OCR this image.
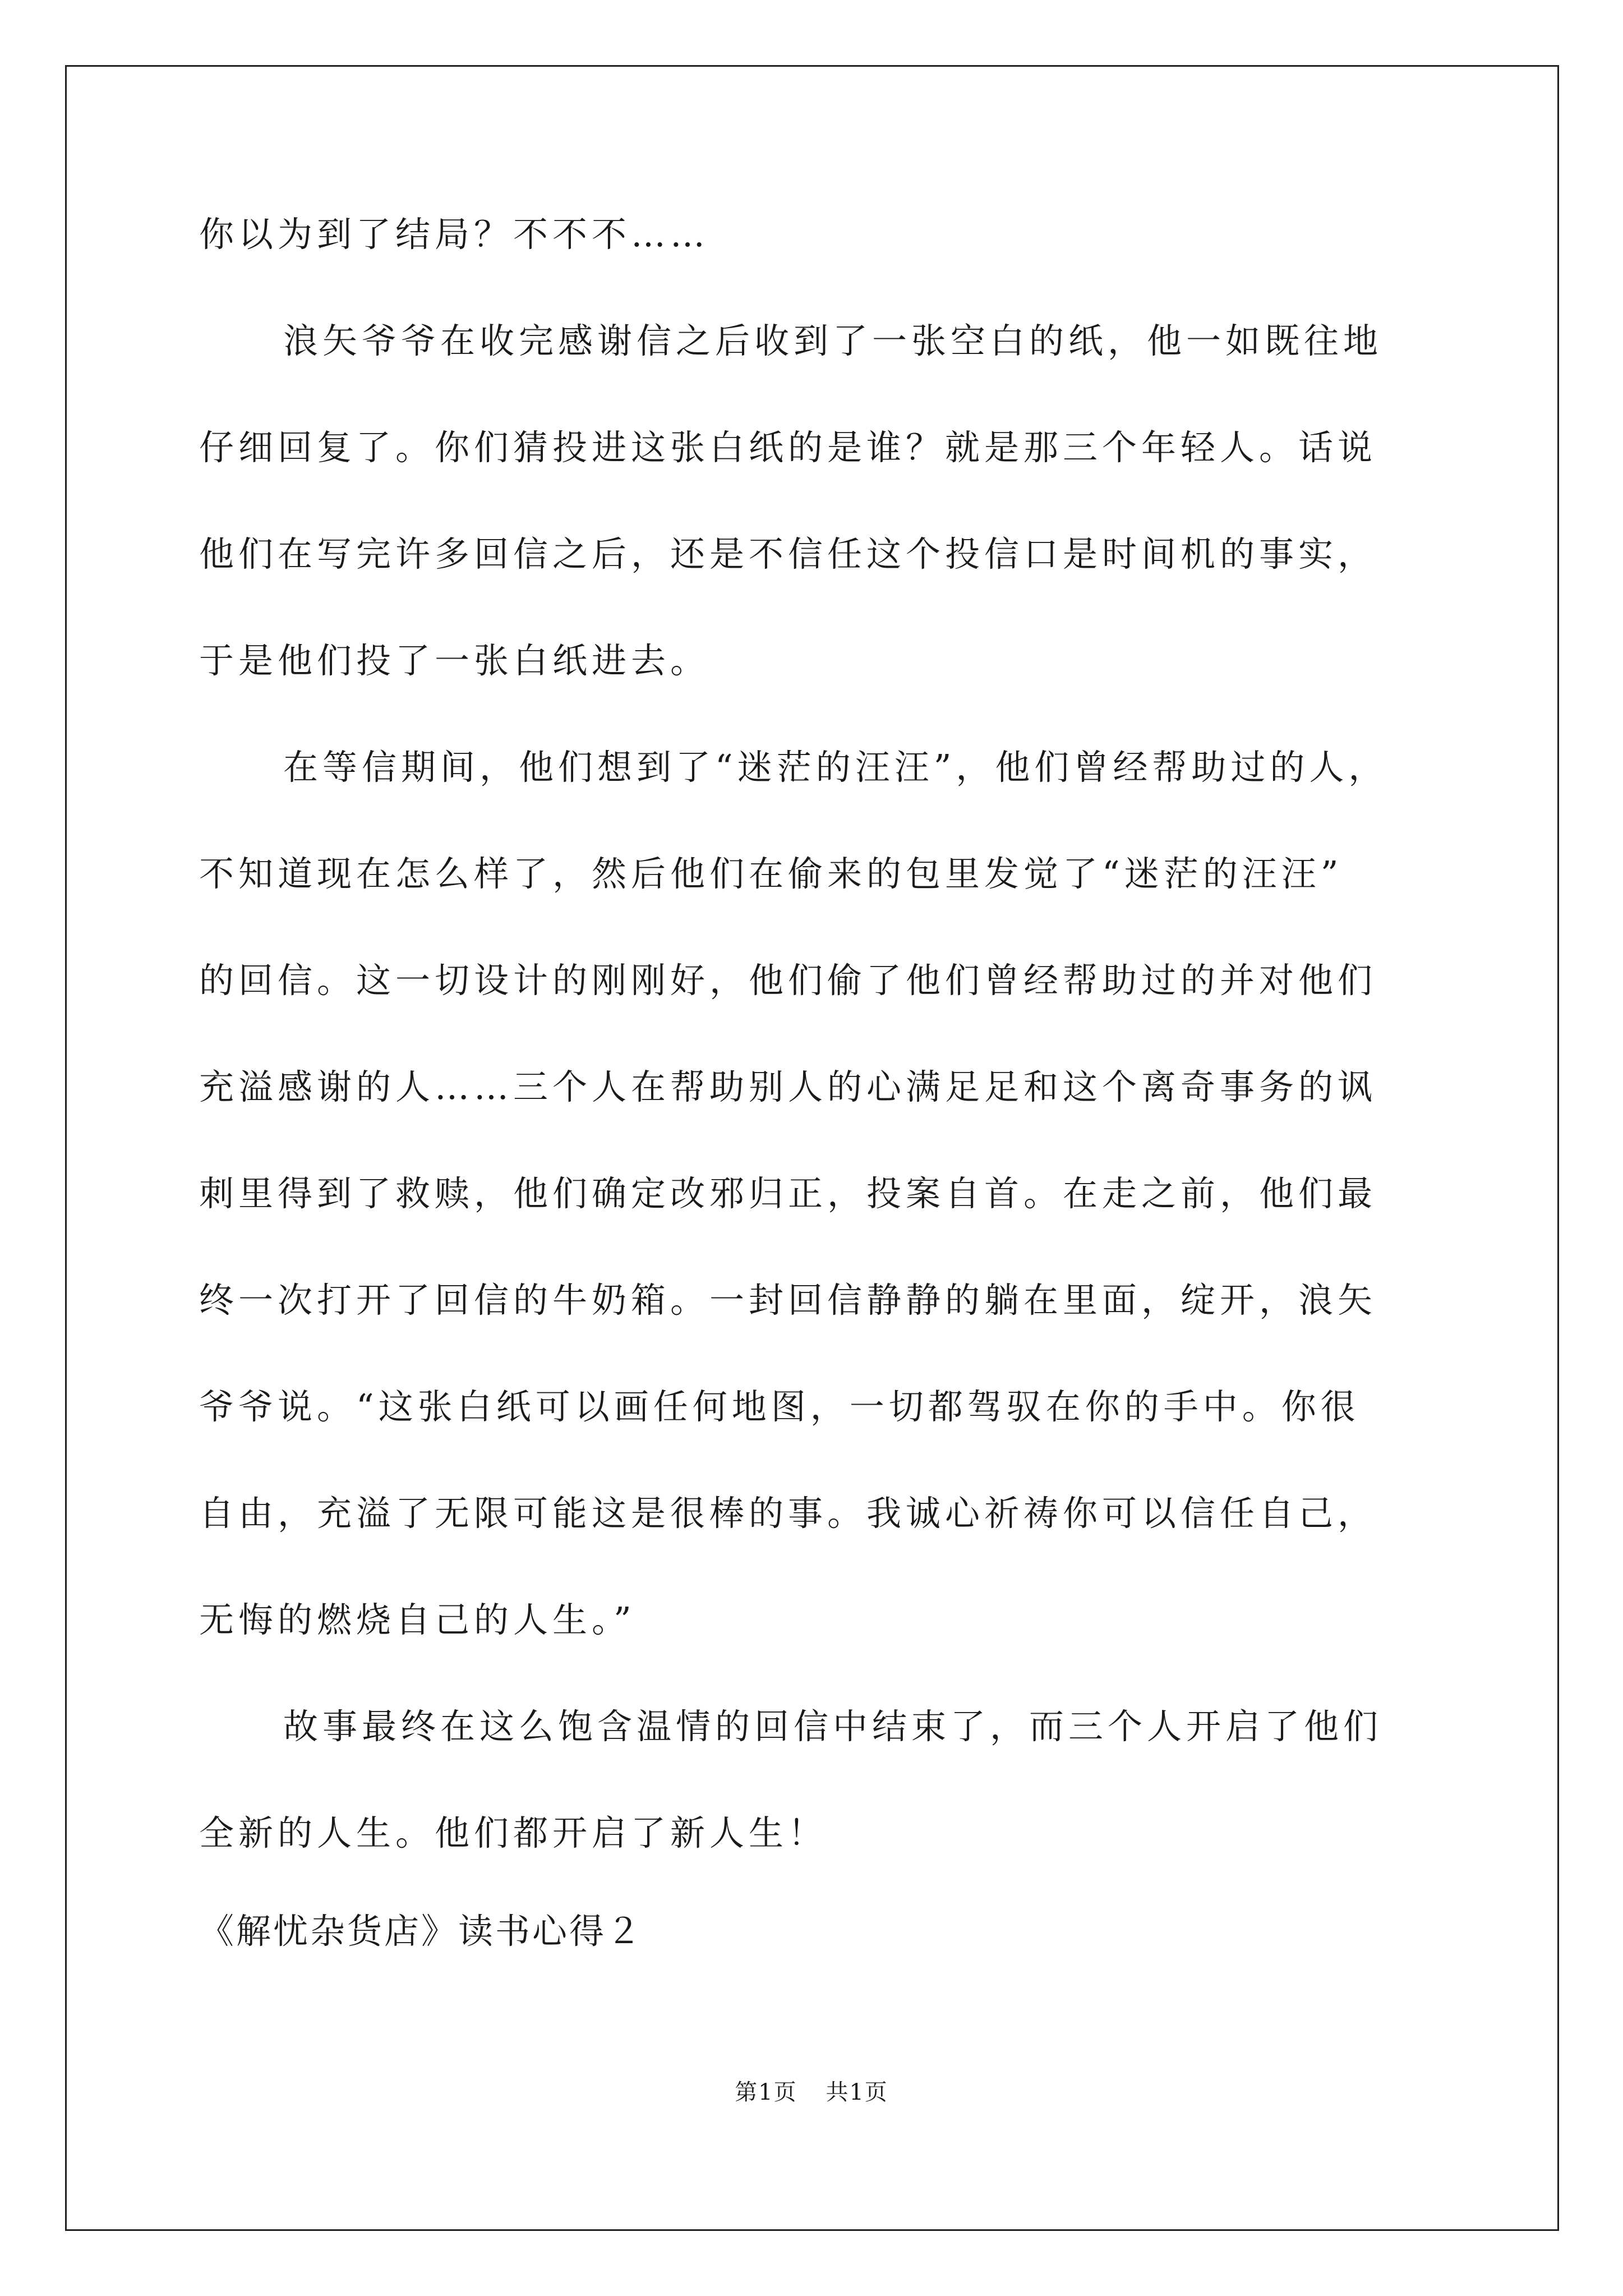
你以为到了结局？不不不……
浪矢爷爷在收完感谢信之后收到了一张空白的纸，他一如既往地
仔细回复了。你们猜投进这张白纸的是谁？就是那三个年轻人。话说
他们在写完许多回信之后，还是不信任这个投信口是时间机的事实，
于是他们投了一张白纸进去。
在等信期间，他们想到了“迷茫的汪汪”，他们曾经帮助过的人，
不知道现在怎么样了，然后他们在偷来的包里发觉了“迷茫的汪汪”
的回信。这一切设计的刚刚好，他们偷了他们曾经帮助过的并对他们
充溢感谢的人……三个人在帮助别人的心满足足和这个离奇事务的讽
刺里得到了救赎，他们确定改邪归正，投案自首。在走之前，他们最
终一次打开了回信的牛奶箱。一封回信静静的躺在里面，绽开，浪矢
爷爷说。“这张白纸可以画任何地图，一切都驾驭在你的手中。你很
自由，充溢了无限可能这是很棒的事。我诚心祈祷你可以信任自己，
无悔的燃烧自己的人生。”
故事最终在这么饱含温情的回信中结束了，而三个人开启了他们
全新的人生。他们都开启了新人生！
《解忧杂货店》读书心得２
第1页 共1页
